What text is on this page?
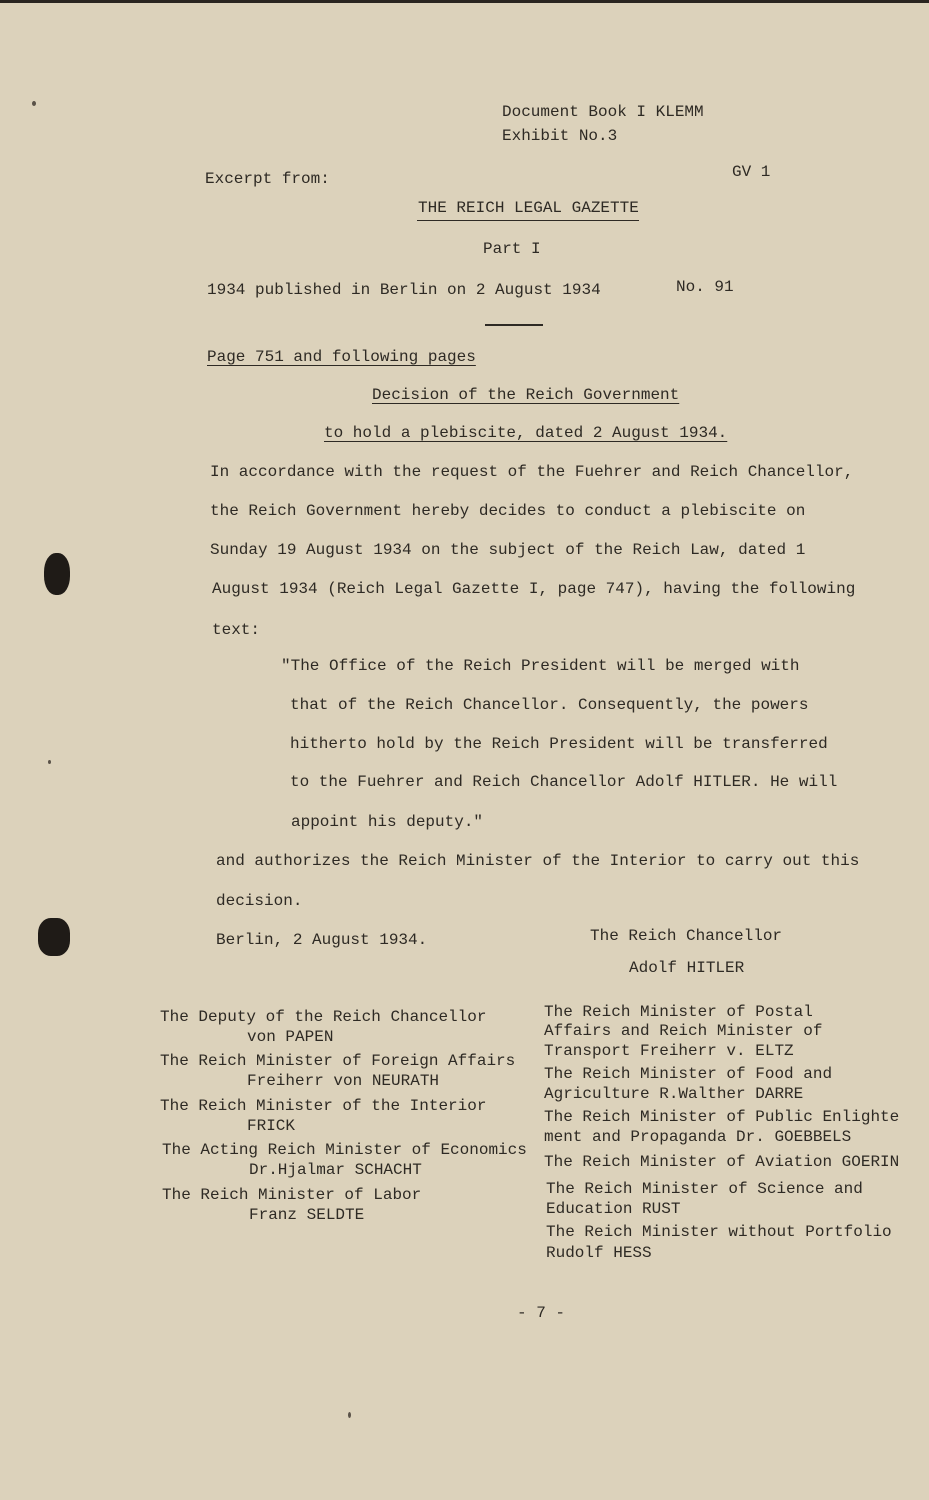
Document Book I KLEMM
Exhibit No.3
Excerpt from:	GV 1
THE REICH LEGAL GAZETTE
Part I
1934 published in Berlin on 2 August 1934	No. 91
Page 751 and following pages
Decision of the Reich Government
to hold a plebiscite, dated 2 August 1934.
In accordance with the request of the Fuehrer and Reich Chancellor,
the Reich Government hereby decides to conduct a plebiscite on
Sunday 19 August 1934 on the subject of the Reich Law, dated 1
August 1934 (Reich Legal Gazette I, page 747), having the following
text:
"The Office of the Reich President will be merged with
that of the Reich Chancellor. Consequently, the powers
hitherto hold by the Reich President will be transferred
to the Fuehrer and Reich Chancellor Adolf HITLER. He will
appoint his deputy."
and authorizes the Reich Minister of the Interior to carry out this
decision.
Berlin, 2 August 1934.	The Reich Chancellor
Adolf HITLER
The Deputy of the Reich Chancellor
von PAPEN
The Reich Minister of Foreign Affairs
Freiherr von NEURATH
The Reich Minister of the Interior
FRICK
The Acting Reich Minister of Economics
Dr.Hjalmar SCHACHT
The Reich Minister of Labor
Franz SELDTE
The Reich Minister of Postal
Affairs and Reich Minister of
Transport Freiherr v. ELTZ
The Reich Minister of Food and
Agriculture R.Walther DARRE
The Reich Minister of Public Enlighte
ment and Propaganda Dr. GOEBBELS
The Reich Minister of Aviation GOERIN
The Reich Minister of Science and
Education RUST
The Reich Minister without Portfolio
Rudolf HESS
- 7 -
